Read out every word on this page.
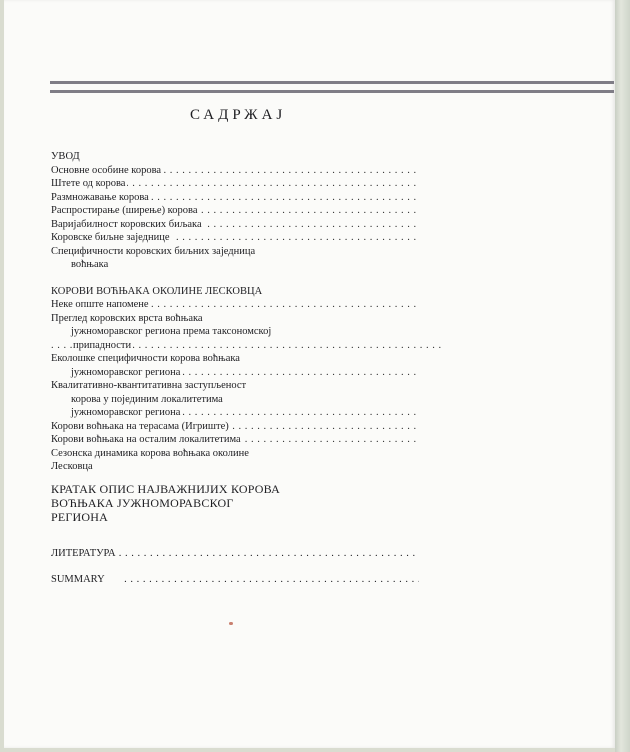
САДРЖАЈ
УВОД
Основне особине корова . . .
Штете од корова . . .
Размножавање корова . . .
Распростирање (ширење) корова . . .
Варијабилност коровских биљака . . .
Коровске биљне заједнице . . .
Специфичности коровских биљних заједница
воћњака
КОРОВИ ВОЋЊАКА ОКОЛИНЕ ЛЕСКОВЦА
Неке опште напомене . . .
Преглед коровских врста воћњака
јужноморавског региона према таксономској
припадности . . .
Еколошке специфичности корова воћњака
јужноморавског региона . . .
Квалитативно-квантитативна заступљеност
корова у појединим локалитетима
јужноморавског региона . . .
Корови воћњака на терасама (Игриште) . . .
Корови воћњака на осталим локалитетима . . .
Сезонска динамика корова воћњака околине
Лесковца
КРАТАК ОПИС НАЈВАЖНИЈИХ КОРОВА
ВОЋЊАКА ЈУЖНОМОРАВСКОГ
РЕГИОНА
ЛИТЕРАТУРА . . .
SUMMARY . . .
